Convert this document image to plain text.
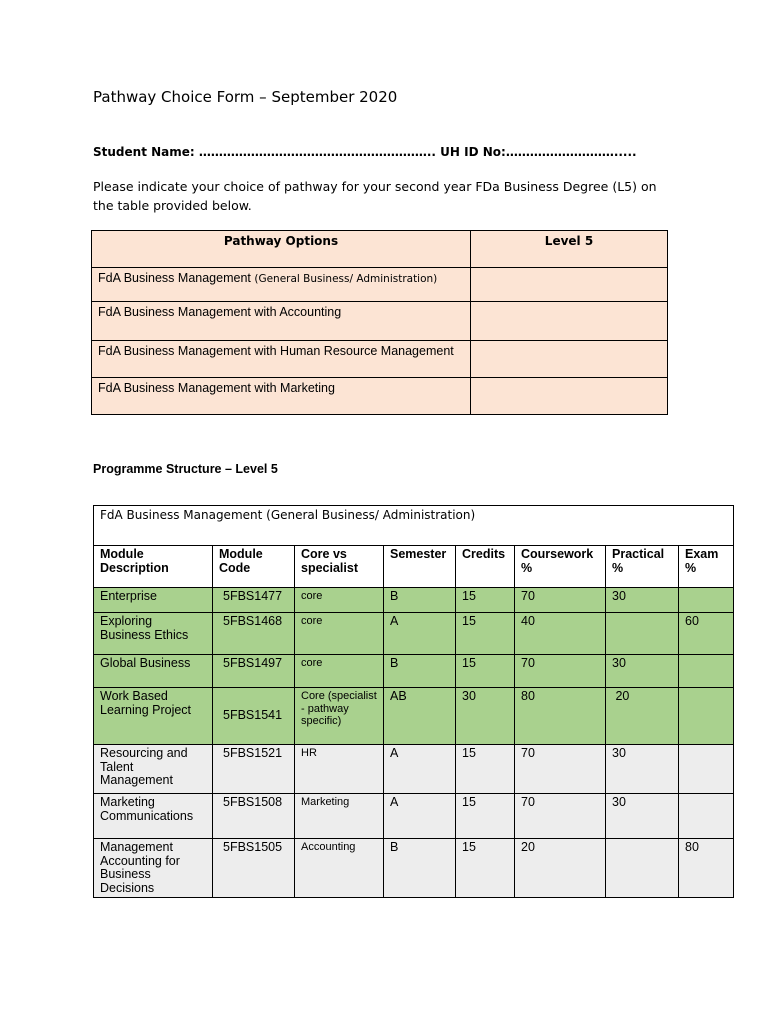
Pathway Choice Form – September 2020
Student Name: ………………………………………………….. UH ID No:……………………….....
Please indicate your choice of pathway for your second year FDa Business Degree (L5) on the table provided below.
Pathway Options	Level 5
FdA Business Management (General Business/ Administration)	
FdA Business Management with Accounting	
FdA Business Management with Human Resource Management	
FdA Business Management with Marketing	
Programme Structure – Level 5
FdA Business Management (General Business/ Administration)							
Module Description	Module Code	Core vs specialist	Semester	Credits	Coursework %	Practical %	Exam %
Enterprise	5FBS1477	core	B	15	70	30	
Exploring Business Ethics	5FBS1468	core	A	15	40		60
Global Business	5FBS1497	core	B	15	70	30	
Work Based Learning Project	5FBS1541	Core (specialist - pathway specific)	AB	30	80	20	
Resourcing and Talent Management	5FBS1521	HR	A	15	70	30	
Marketing Communications	5FBS1508	Marketing	A	15	70	30	
Management Accounting for Business Decisions	5FBS1505	Accounting	B	15	20		80
